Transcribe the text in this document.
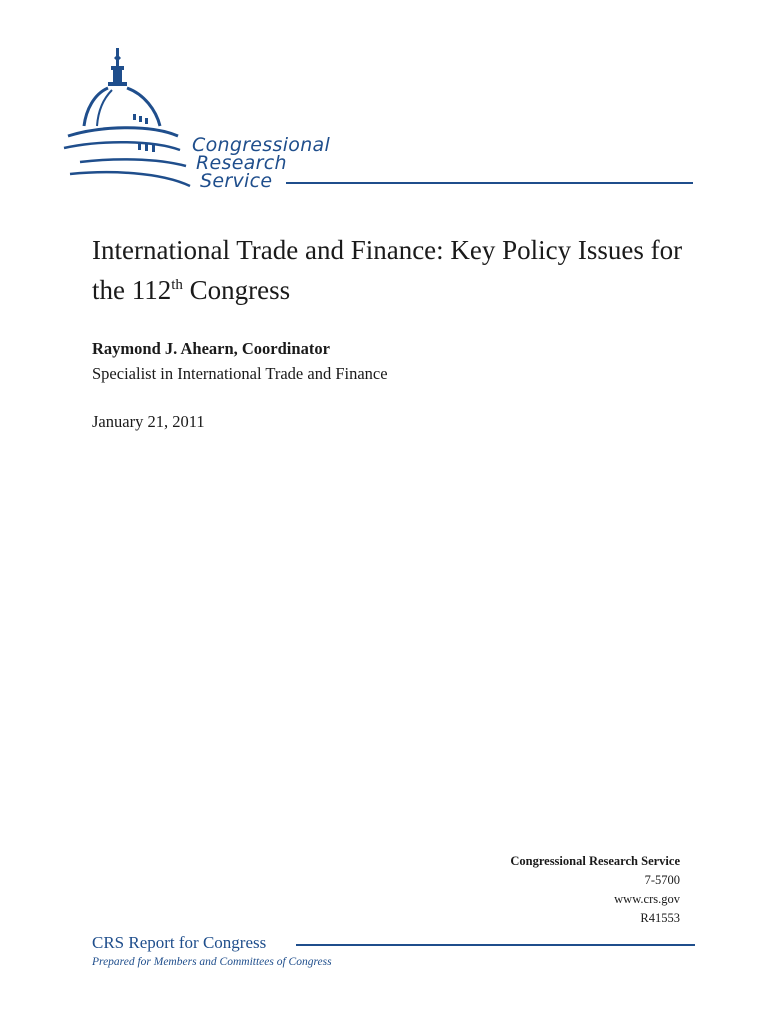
Congressional
Research
Service
International Trade and Finance: Key Policy Issues for the 112th Congress
Raymond J. Ahearn, Coordinator
Specialist in International Trade and Finance
January 21, 2011
Congressional Research Service
7-5700
www.crs.gov
R41553
CRS Report for Congress
Prepared for Members and Committees of Congress
